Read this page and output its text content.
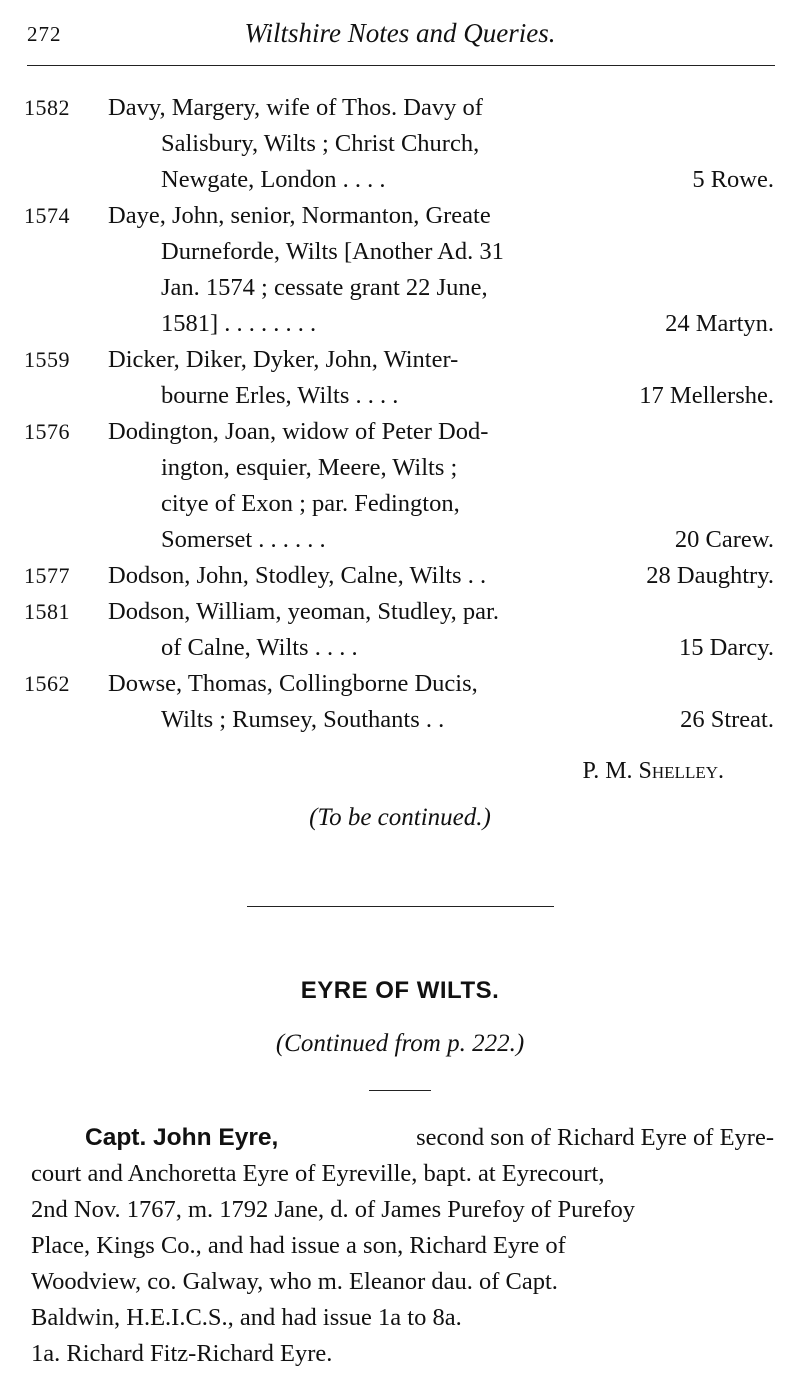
272	Wiltshire Notes and Queries.
1582 Davy, Margery, wife of Thos. Davy of
Salisbury, Wilts ; Christ Church,
Newgate, London . . . .	5 Rowe.
1574 Daye, John, senior, Normanton, Greate
Durneforde, Wilts [Another Ad. 31
Jan. 1574 ; cessate grant 22 June,
1581] . . . . . . . .	24 Martyn.
1559 Dicker, Diker, Dyker, John, Winter-
bourne Erles, Wilts . . . .	17 Mellershe.
1576 Dodington, Joan, widow of Peter Dod-
ington, esquier, Meere, Wilts ;
citye of Exon ; par. Fedington,
Somerset . . . . . .	20 Carew.
1577 Dodson, John, Stodley, Calne, Wilts . .	28 Daughtry.
1581 Dodson, William, yeoman, Studley, par.
of Calne, Wilts . . . .	15 Darcy.
1562 Dowse, Thomas, Collingborne Ducis,
Wilts ; Rumsey, Southants . .	26 Streat.
P. M. Shelley.
(To be continued.)
EYRE OF WILTS.
(Continued from p. 222.)
Capt. John Eyre,	second son of Richard Eyre of Eyre-
court and Anchoretta Eyre of Eyreville, bapt. at Eyrecourt,
2nd Nov. 1767, m. 1792 Jane, d. of James Purefoy of Purefoy
Place, Kings Co., and had issue a son, Richard Eyre of
Woodview, co. Galway, who m. Eleanor dau. of Capt.
Baldwin, H.E.I.C.S., and had issue 1a to 8a.
1a. Richard Fitz-Richard Eyre.
